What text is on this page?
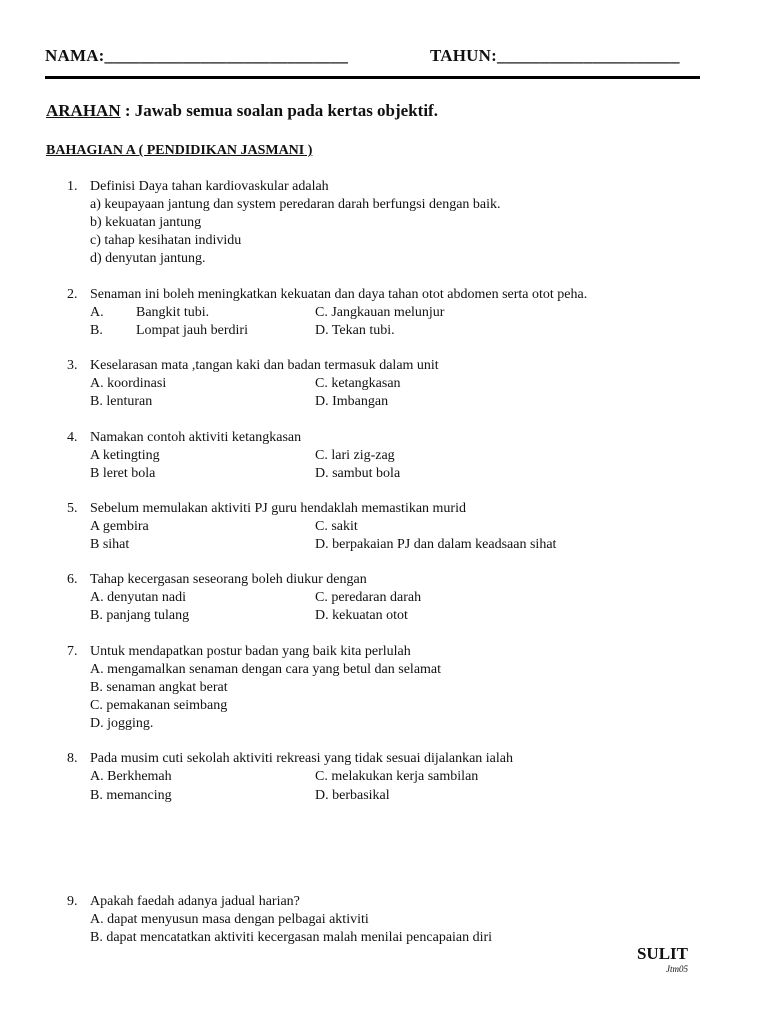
NAMA:____________________________	TAHUN:_____________________
ARAHAN : Jawab semua soalan pada kertas objektif.
BAHAGIAN A ( PENDIDIKAN JASMANI )
1. Definisi Daya tahan kardiovaskular adalah
a) keupayaan jantung dan system peredaran darah berfungsi dengan baik.
b) kekuatan jantung
c) tahap kesihatan individu
d) denyutan jantung.
2. Senaman ini boleh meningkatkan kekuatan dan daya tahan otot abdomen serta otot peha.
A. Bangkit tubi.
B. Lompat jauh berdiri
C. Jangkauan melunjur
D. Tekan tubi.
3. Keselarasan mata ,tangan kaki dan badan termasuk dalam unit
A. koordinasi
B. lenturan
C. ketangkasan
D. Imbangan
4. Namakan contoh aktiviti ketangkasan
A ketingting
B leret bola
C. lari zig-zag
D. sambut bola
5. Sebelum memulakan aktiviti PJ guru hendaklah memastikan murid
A gembira
B sihat
C. sakit
D. berpakaian PJ dan dalam keadsaan sihat
6. Tahap kecergasan seseorang boleh diukur dengan
A. denyutan nadi
B. panjang tulang
C. peredaran darah
D. kekuatan otot
7. Untuk mendapatkan postur badan yang baik kita perlulah
A. mengamalkan senaman dengan cara yang betul dan selamat
B. senaman angkat berat
C. pemakanan seimbang
D. jogging.
8. Pada musim cuti sekolah aktiviti rekreasi yang tidak sesuai dijalankan ialah
A. Berkhemah
B. memancing
C. melakukan kerja sambilan
D. berbasikal
9. Apakah faedah adanya jadual harian?
A. dapat menyusun masa dengan pelbagai aktiviti
B. dapat mencatatkan aktiviti kecergasan malah menilai pencapaian diri
SULIT
Jtm05
